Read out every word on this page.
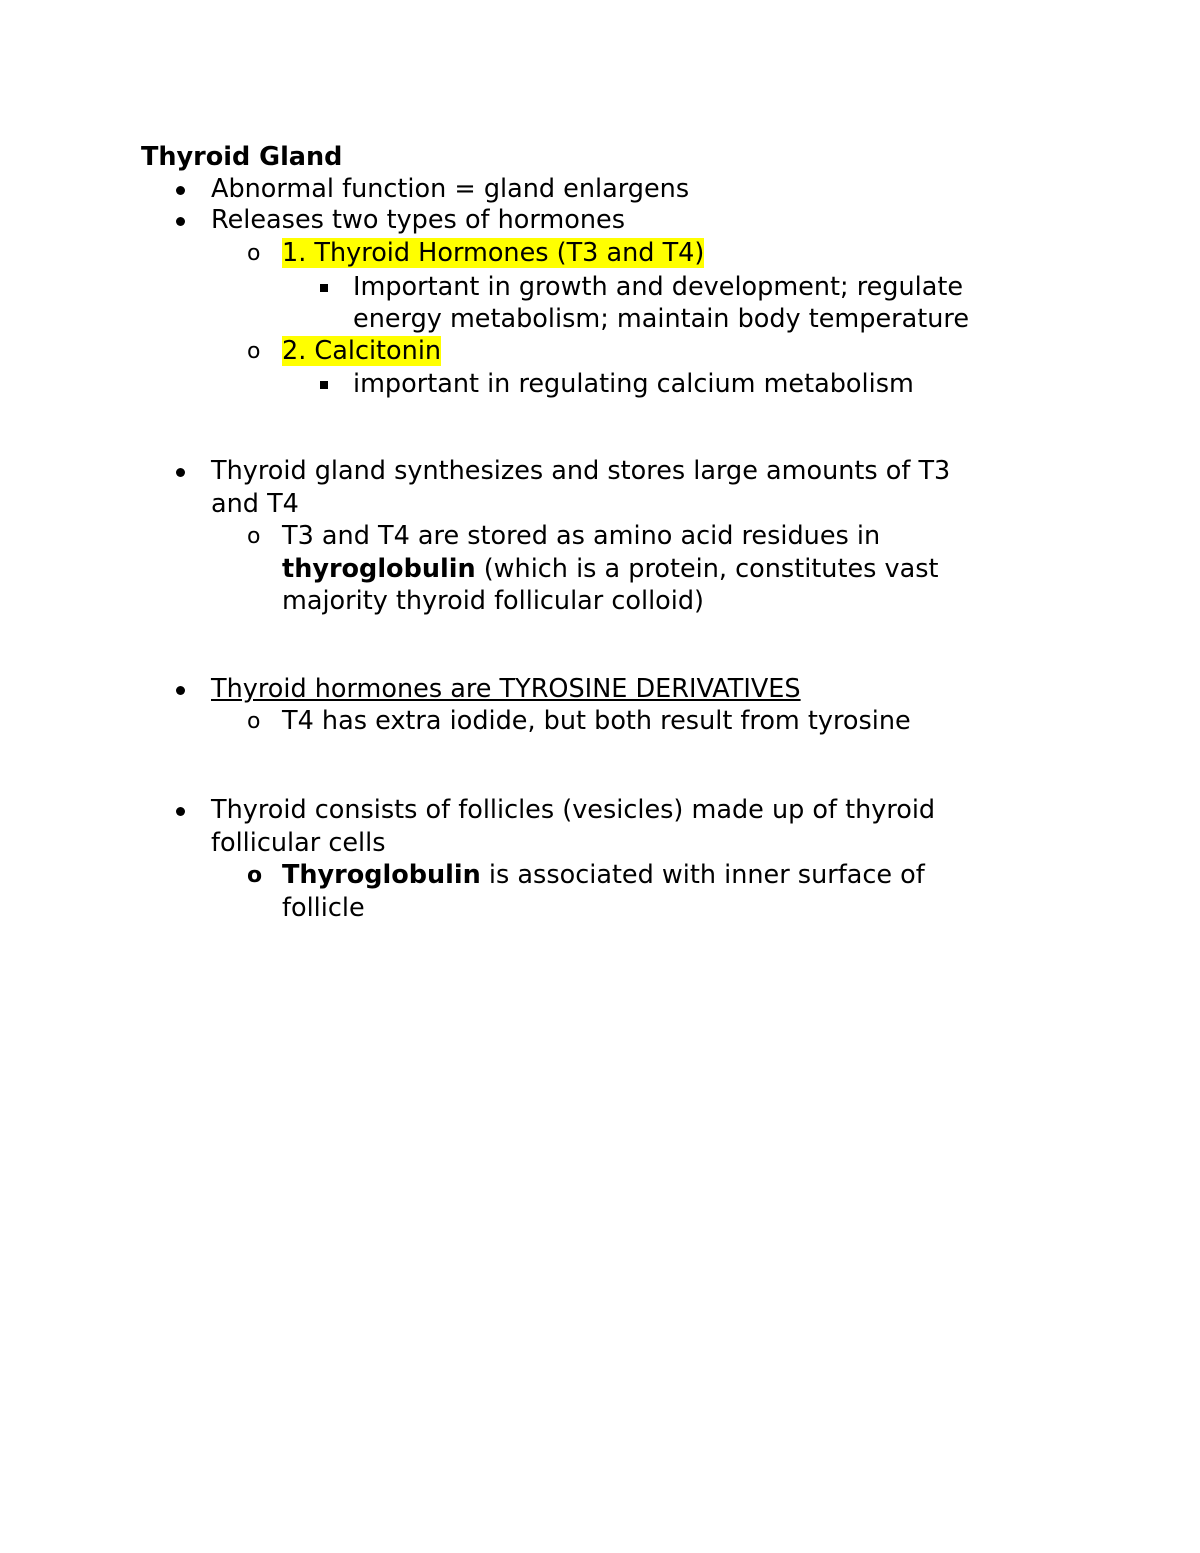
Thyroid Gland

Abnormal function = gland enlargens

Releases two types of hormones

o 1. Thyroid Hormones (T3 and T4)

Important in growth and development; regulate

energy metabolism; maintain body temperature

o 2. Calcitonin

important in regulating calcium metabolism

Thyroid gland synthesizes and stores large amounts of T3

and T4

o T3 and T4 are stored as amino acid residues in

thyroglobulin (which is a protein, constitutes vast

majority thyroid follicular colloid)

Thyroid hormones are TYROSINE DERIVATIVES

o T4 has extra iodide, but both result from tyrosine

Thyroid consists of follicles (vesicles) made up of thyroid

follicular cells

o Thyroglobulin is associated with inner surface of

follicle
